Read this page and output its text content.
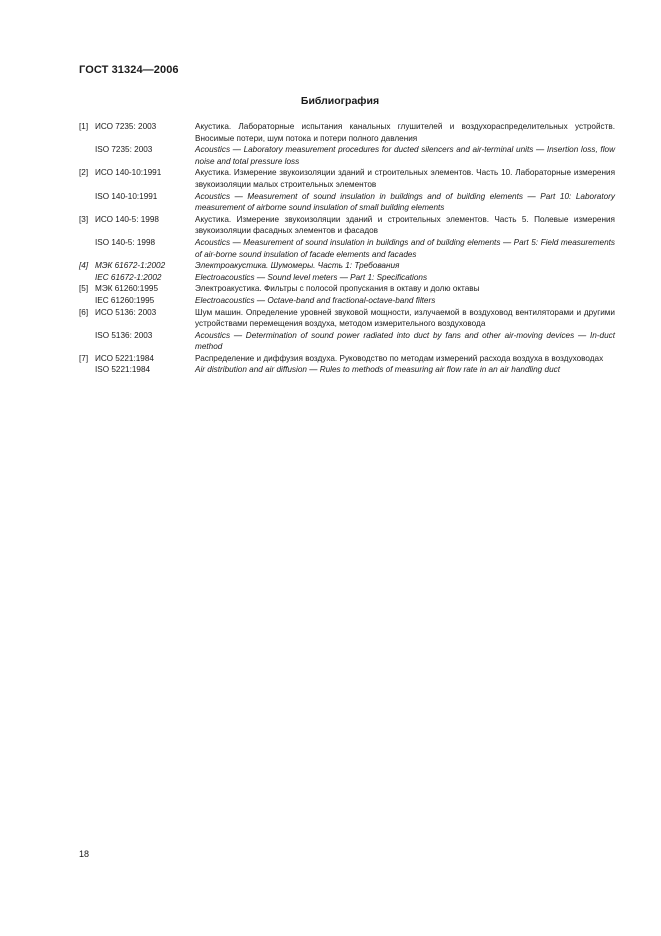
ГОСТ 31324—2006
Библиография
[1] ИСО 7235: 2003	Акустика. Лабораторные испытания канальных глушителей и воздухораспределительных устройств. Вносимые потери, шум потока и потери полного давления
ISO 7235: 2003	Acoustics — Laboratory measurement procedures for ducted silencers and air-terminal units — Insertion loss, flow noise and total pressure loss
[2] ИСО 140-10:1991	Акустика. Измерение звукоизоляции зданий и строительных элементов. Часть 10. Лабораторные измерения звукоизоляции малых строительных элементов
ISO 140-10:1991	Acoustics — Measurement of sound insulation in buildings and of building elements — Part 10: Laboratory measurement of airborne sound insulation of small building elements
[3] ИСО 140-5: 1998	Акустика. Измерение звукоизоляции зданий и строительных элементов. Часть 5. Полевые измерения звукоизоляции фасадных элементов и фасадов
ISO 140-5: 1998	Acoustics — Measurement of sound insulation in buildings and of building elements — Part 5: Field measurements of air-borne sound insulation of facade elements and facades
[4] МЭК 61672-1:2002	Электроакустика. Шумомеры. Часть 1: Требования
IEC 61672-1:2002	Electroacoustics — Sound level meters — Part 1: Specifications
[5] МЭК 61260:1995	Электроакустика. Фильтры с полосой пропускания в октаву и долю октавы
IEC 61260:1995	Electroacoustics — Octave-band and fractional-octave-band filters
[6] ИСО 5136: 2003	Шум машин. Определение уровней звуковой мощности, излучаемой в воздуховод вентиляторами и другими устройствами перемещения воздуха, методом измерительного воздуховода
ISO 5136: 2003	Acoustics — Determination of sound power radiated into duct by fans and other air-moving devices — In-duct method
[7] ИСО 5221:1984	Распределение и диффузия воздуха. Руководство по методам измерений расхода воздуха в воздуховодах
ISO 5221:1984	Air distribution and air diffusion — Rules to methods of measuring air flow rate in an air handling duct
18
